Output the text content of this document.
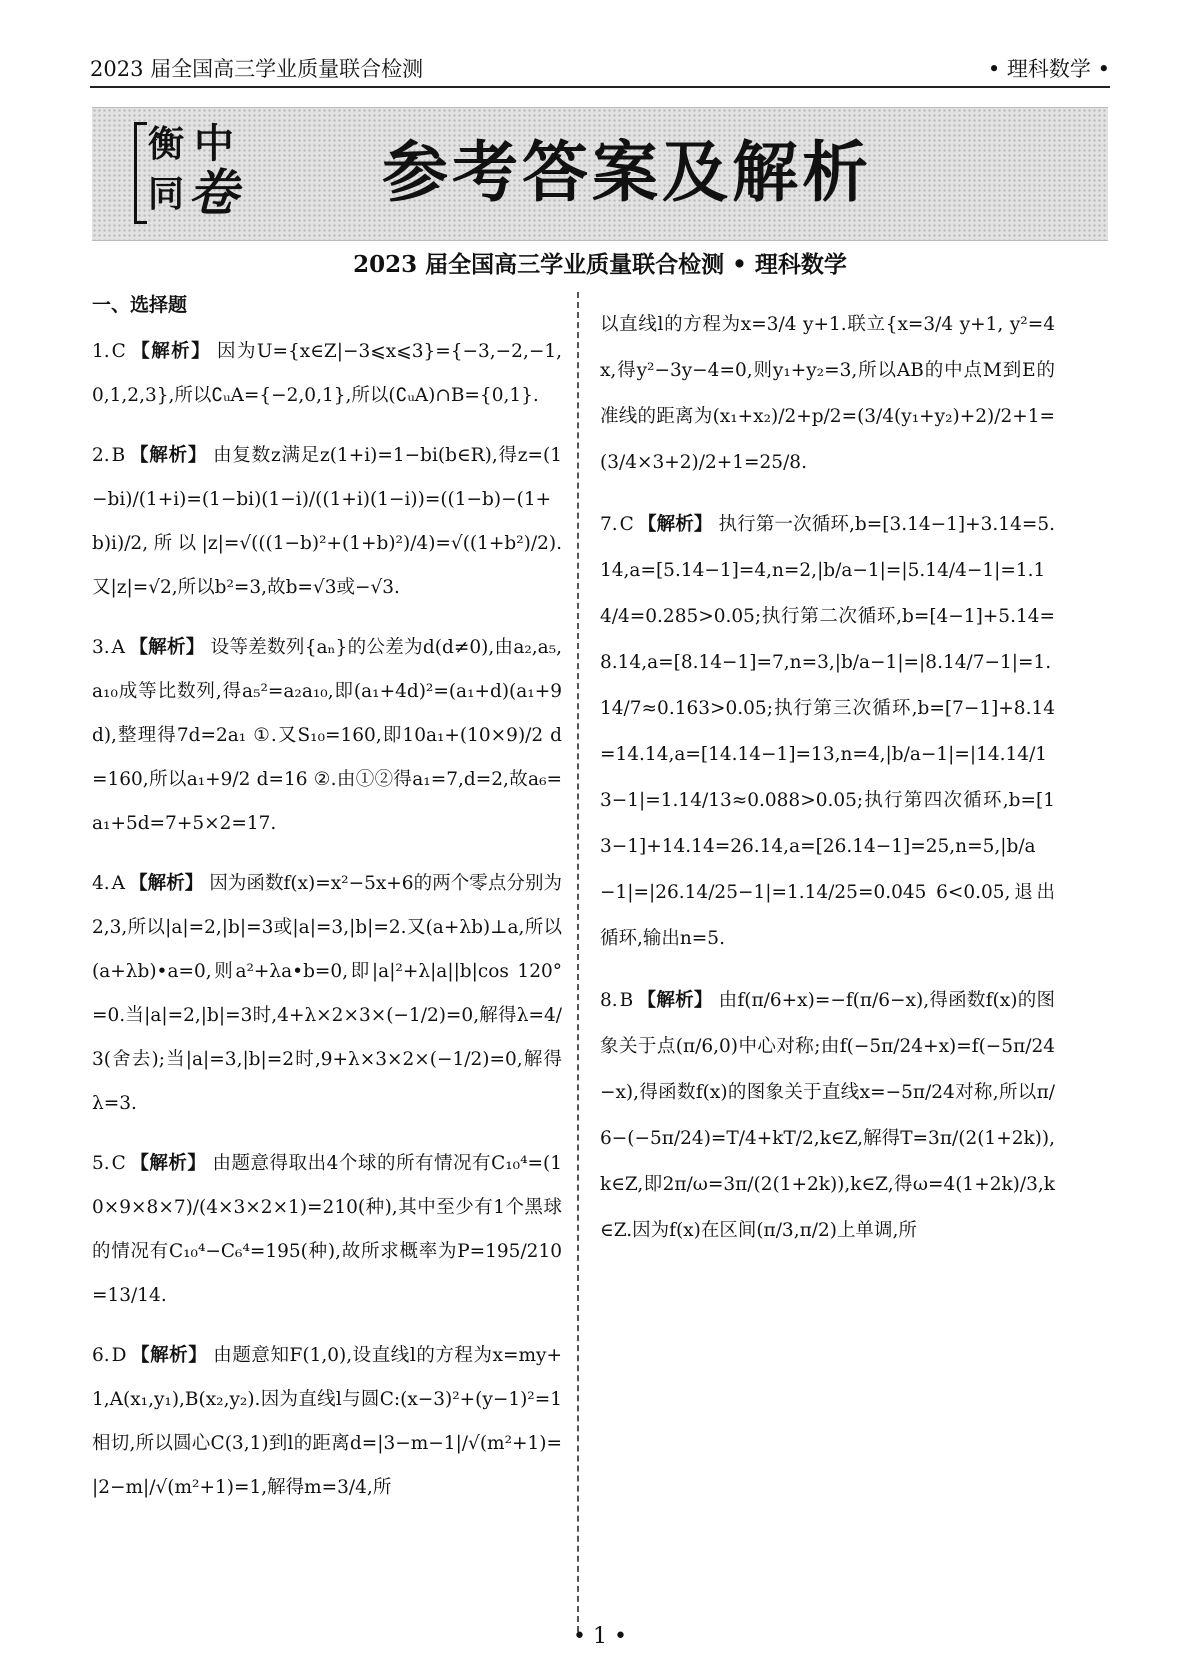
2023 届全国高三学业质量联合检测	• 理科数学 •
衡 中
同 卷 参考答案及解析
2023 届全国高三学业质量联合检测 • 理科数学
一、选择题
1. C 【解析】 因为U={x∈Z|−3⩽x⩽3}={−3,−2,−1,0,1,2,3},所以∁ᵤA={−2,0,1},所以(∁ᵤA)∩B={0,1}.
2. B 【解析】 由复数z满足z(1+i)=1−bi(b∈R),得z=(1−bi)/(1+i)=(1−bi)(1−i)/((1+i)(1−i))=((1−b)−(1+b)i)/2,所以|z|=√(((1−b)²+(1+b)²)/4)=√((1+b²)/2).又|z|=√2,所以b²=3,故b=√3或−√3.
3. A 【解析】 设等差数列{aₙ}的公差为d(d≠0),由a₂,a₅,a₁₀成等比数列,得a₅²=a₂a₁₀,即(a₁+4d)²=(a₁+d)(a₁+9d),整理得7d=2a₁ ①.又S₁₀=160,即10a₁+(10×9)/2 d=160,所以a₁+9/2 d=16 ②.由①②得a₁=7,d=2,故a₆=a₁+5d=7+5×2=17.
4. A 【解析】 因为函数f(x)=x²−5x+6的两个零点分别为2,3,所以|a|=2,|b|=3或|a|=3,|b|=2.又(a+λb)⊥a,所以(a+λb)•a=0,则a²+λa•b=0,即|a|²+λ|a||b|cos 120°=0.当|a|=2,|b|=3时,4+λ×2×3×(−1/2)=0,解得λ=4/3(舍去);当|a|=3,|b|=2时,9+λ×3×2×(−1/2)=0,解得λ=3.
5. C 【解析】 由题意得取出4个球的所有情况有C₁₀⁴=(10×9×8×7)/(4×3×2×1)=210(种),其中至少有1个黑球的情况有C₁₀⁴−C₆⁴=195(种),故所求概率为P=195/210=13/14.
6. D 【解析】 由题意知F(1,0),设直线l的方程为x=my+1,A(x₁,y₁),B(x₂,y₂).因为直线l与圆C:(x−3)²+(y−1)²=1相切,所以圆心C(3,1)到l的距离d=|3−m−1|/√(m²+1)=|2−m|/√(m²+1)=1,解得m=3/4,所
以直线l的方程为x=3/4 y+1.联立{x=3/4 y+1, y²=4x,得y²−3y−4=0,则y₁+y₂=3,所以AB的中点M到E的准线的距离为(x₁+x₂)/2+p/2=(3/4(y₁+y₂)+2)/2+1=(3/4×3+2)/2+1=25/8.
7. C 【解析】 执行第一次循环,b=[3.14−1]+3.14=5.14,a=[5.14−1]=4,n=2,|b/a−1|=|5.14/4−1|=1.14/4=0.285>0.05;执行第二次循环,b=[4−1]+5.14=8.14,a=[8.14−1]=7,n=3,|b/a−1|=|8.14/7−1|=1.14/7≈0.163>0.05;执行第三次循环,b=[7−1]+8.14=14.14,a=[14.14−1]=13,n=4,|b/a−1|=|14.14/13−1|=1.14/13≈0.088>0.05;执行第四次循环,b=[13−1]+14.14=26.14,a=[26.14−1]=25,n=5,|b/a−1|=|26.14/25−1|=1.14/25=0.045 6<0.05,退出循环,输出n=5.
8. B 【解析】 由f(π/6+x)=−f(π/6−x),得函数f(x)的图象关于点(π/6,0)中心对称;由f(−5π/24+x)=f(−5π/24−x),得函数f(x)的图象关于直线x=−5π/24对称,所以π/6−(−5π/24)=T/4+kT/2,k∈Z,解得T=3π/(2(1+2k)),k∈Z,即2π/ω=3π/(2(1+2k)),k∈Z,得ω=4(1+2k)/3,k∈Z.因为f(x)在区间(π/3,π/2)上单调,所
• 1 •
